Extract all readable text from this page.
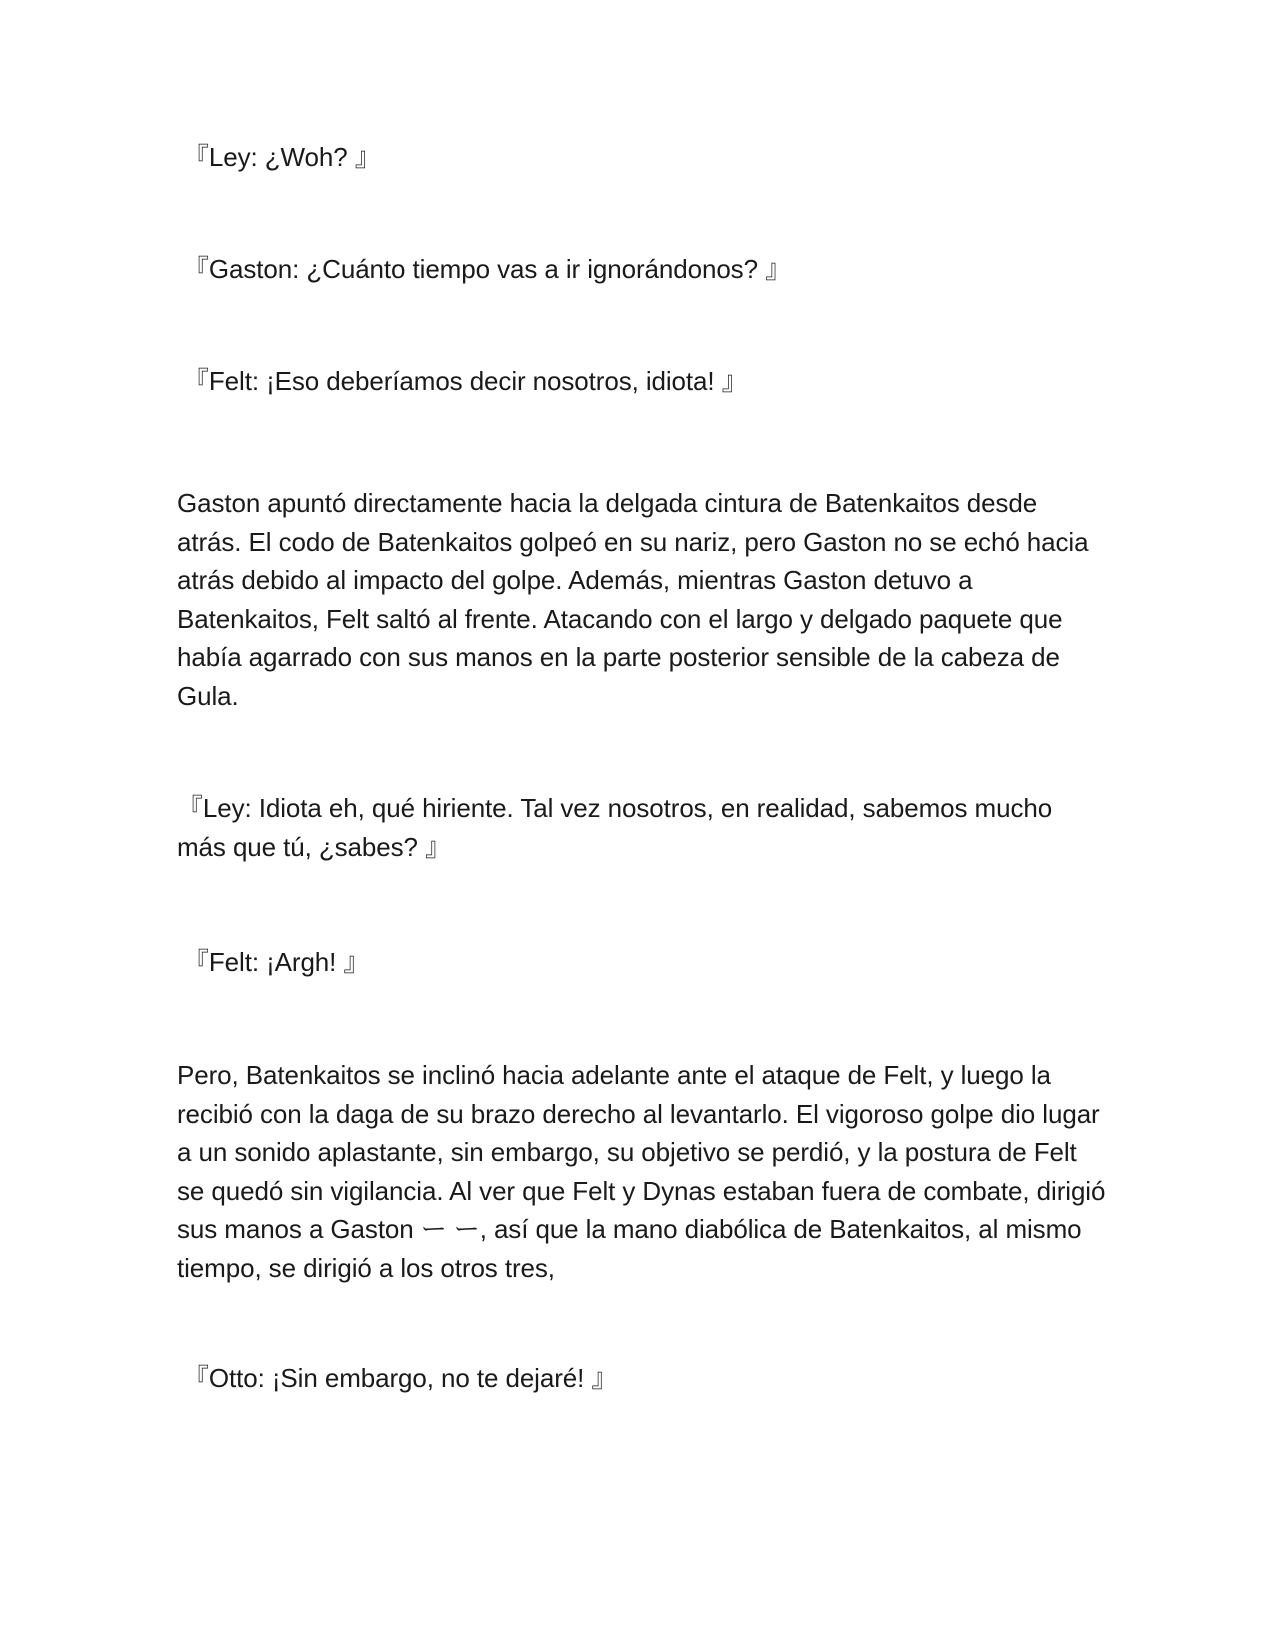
『Ley: ¿Woh? 』

『Gaston: ¿Cuánto tiempo vas a ir ignorándonos? 』

『Felt: ¡Eso deberíamos decir nosotros, idiota! 』

Gaston apuntó directamente hacia la delgada cintura de Batenkaitos desde atrás. El codo de Batenkaitos golpeó en su nariz, pero Gaston no se echó hacia atrás debido al impacto del golpe. Además, mientras Gaston detuvo a Batenkaitos, Felt saltó al frente. Atacando con el largo y delgado paquete que había agarrado con sus manos en la parte posterior sensible de la cabeza de Gula.

『Ley: Idiota eh, qué hiriente. Tal vez nosotros, en realidad, sabemos mucho más que tú, ¿sabes? 』

『Felt: ¡Argh! 』

Pero, Batenkaitos se inclinó hacia adelante ante el ataque de Felt, y luego la recibió con la daga de su brazo derecho al levantarlo. El vigoroso golpe dio lugar a un sonido aplastante, sin embargo, su objetivo se perdió, y la postura de Felt se quedó sin vigilancia. Al ver que Felt y Dynas estaban fuera de combate, dirigió sus manos a Gaston ー ー, así que la mano diabólica de Batenkaitos, al mismo tiempo, se dirigió a los otros tres,

『Otto: ¡Sin embargo, no te dejaré! 』
